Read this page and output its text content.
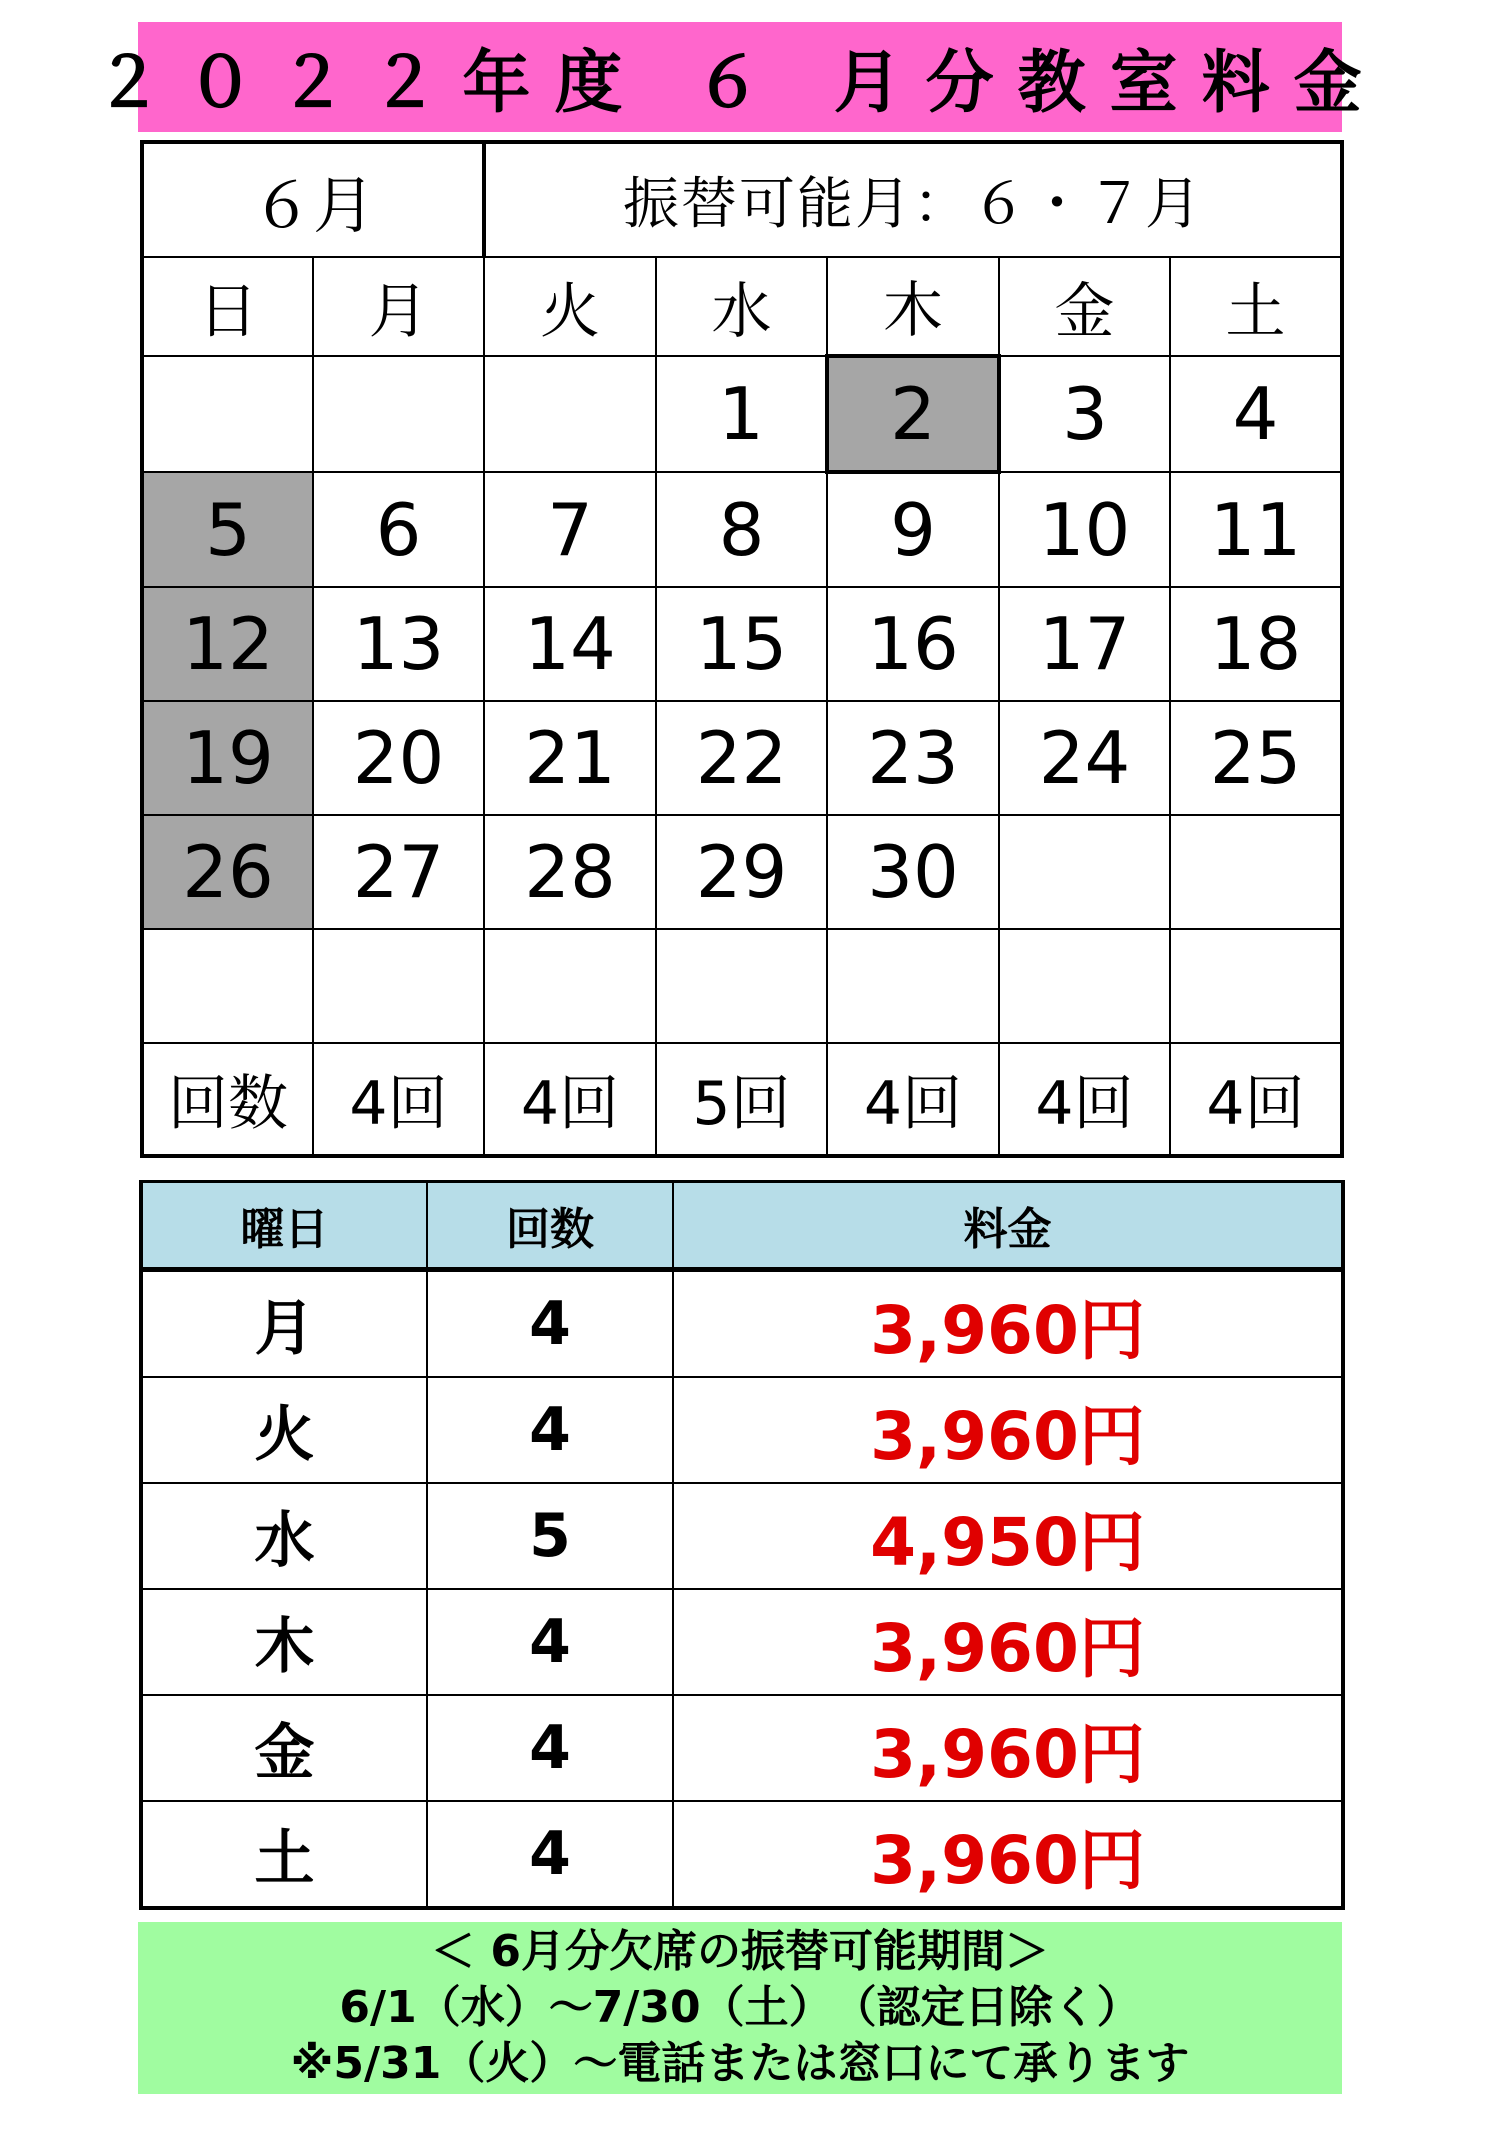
２０２２年度 ６ 月分教室料金
６月		振替可能月：６・７月				
日	月	火	水	木	金	土
			1	2	3	4
5	6	7	8	9	10	11
12	13	14	15	16	17	18
19	20	21	22	23	24	25
26	27	28	29	30		

回数	4回	4回	5回	4回	4回	4回
曜日	回数	料金
月	4	3,960円
火	4	3,960円
水	5	4,950円
木	4	3,960円
金	4	3,960円
土	4	3,960円
＜ 6月分欠席の振替可能期間＞
6/1（水）～7/30（土）　（認定日除く）
※5/31（火）～電話または窓口にて承ります
